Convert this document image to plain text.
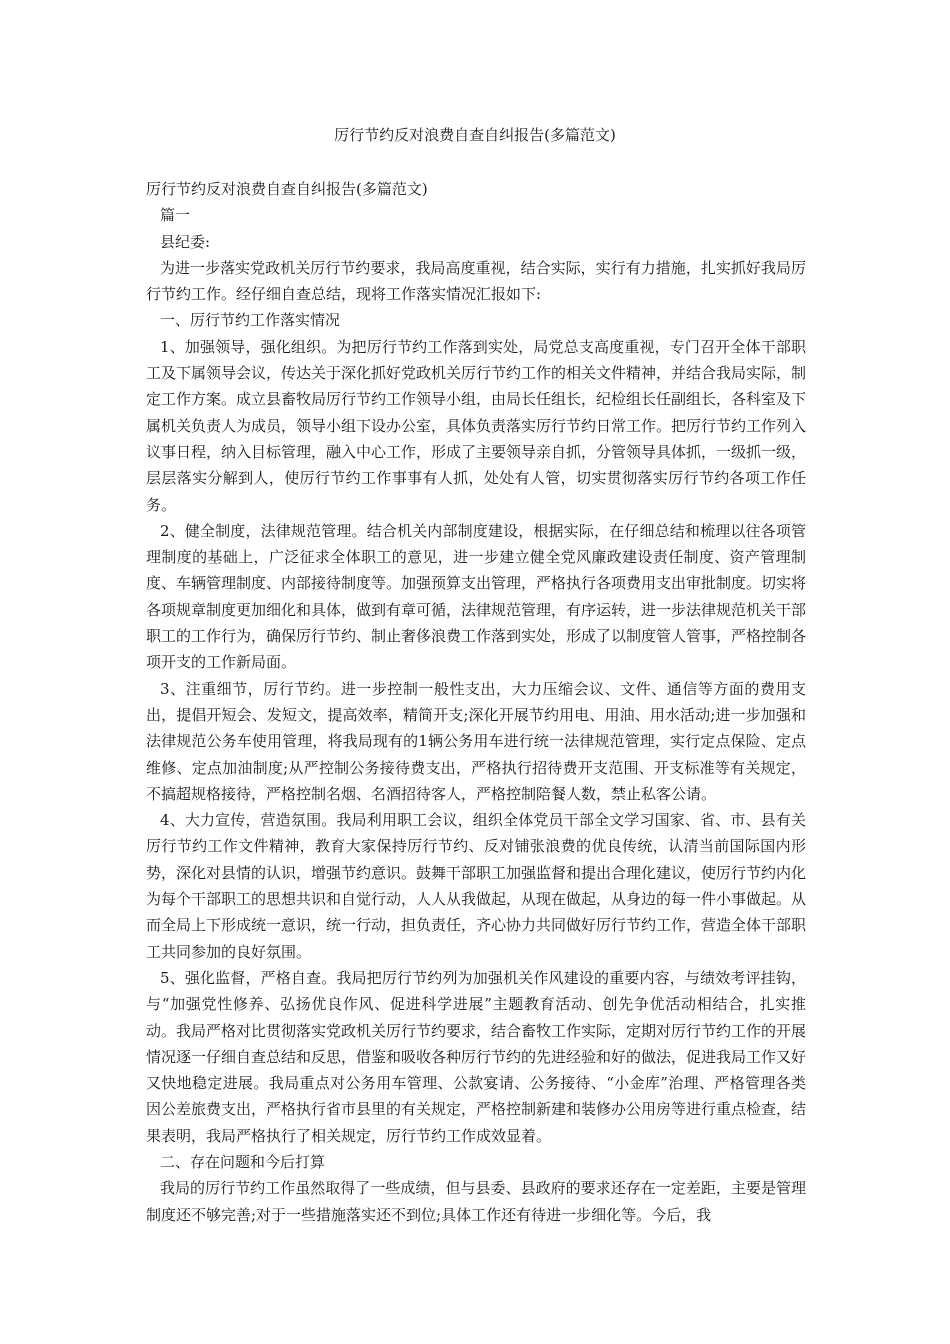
厉行节约反对浪费自查自纠报告(多篇范文)

厉行节约反对浪费自查自纠报告(多篇范文)

篇一

县纪委:

为进一步落实党政机关厉行节约要求，我局高度重视，结合实际，实行有力措施，扎实抓好我局厉行节约工作。经仔细自查总结，现将工作落实情况汇报如下:

一、厉行节约工作落实情况

1、加强领导，强化组织。为把厉行节约工作落到实处，局党总支高度重视，专门召开全体干部职工及下属领导会议，传达关于深化抓好党政机关厉行节约工作的相关文件精神，并结合我局实际，制定工作方案。成立县畜牧局厉行节约工作领导小组，由局长任组长，纪检组长任副组长，各科室及下属机关负责人为成员，领导小组下设办公室，具体负责落实厉行节约日常工作。把厉行节约工作列入议事日程，纳入目标管理，融入中心工作，形成了主要领导亲自抓，分管领导具体抓，一级抓一级，层层落实分解到人，使厉行节约工作事事有人抓，处处有人管，切实贯彻落实厉行节约各项工作任务。

2、健全制度，法律规范管理。结合机关内部制度建设，根据实际，在仔细总结和梳理以往各项管理制度的基础上，广泛征求全体职工的意见，进一步建立健全党风廉政建设责任制度、资产管理制度、车辆管理制度、内部接待制度等。加强预算支出管理，严格执行各项费用支出审批制度。切实将各项规章制度更加细化和具体，做到有章可循，法律规范管理，有序运转，进一步法律规范机关干部职工的工作行为，确保厉行节约、制止奢侈浪费工作落到实处，形成了以制度管人管事，严格控制各项开支的工作新局面。

3、注重细节，厉行节约。进一步控制一般性支出，大力压缩会议、文件、通信等方面的费用支出，提倡开短会、发短文，提高效率，精简开支;深化开展节约用电、用油、用水活动;进一步加强和法律规范公务车使用管理，将我局现有的1辆公务用车进行统一法律规范管理，实行定点保险、定点维修、定点加油制度;从严控制公务接待费支出，严格执行招待费开支范围、开支标准等有关规定，不搞超规格接待，严格控制名烟、名酒招待客人，严格控制陪餐人数，禁止私客公请。

4、大力宣传，营造氛围。我局利用职工会议，组织全体党员干部全文学习国家、省、市、县有关厉行节约工作文件精神，教育大家保持厉行节约、反对铺张浪费的优良传统，认清当前国际国内形势，深化对县情的认识，增强节约意识。鼓舞干部职工加强监督和提出合理化建议，使厉行节约内化为每个干部职工的思想共识和自觉行动，人人从我做起，从现在做起，从身边的每一件小事做起。从而全局上下形成统一意识，统一行动，担负责任，齐心协力共同做好厉行节约工作，营造全体干部职工共同参加的良好氛围。

5、强化监督，严格自查。我局把厉行节约列为加强机关作风建设的重要内容，与绩效考评挂钩，与“加强党性修养、弘扬优良作风、促进科学进展”主题教育活动、创先争优活动相结合，扎实推动。我局严格对比贯彻落实党政机关厉行节约要求，结合畜牧工作实际，定期对厉行节约工作的开展情况逐一仔细自查总结和反思，借鉴和吸收各种厉行节约的先进经验和好的做法，促进我局工作又好又快地稳定进展。我局重点对公务用车管理、公款宴请、公务接待、“小金库”治理、严格管理各类因公差旅费支出，严格执行省市县里的有关规定，严格控制新建和装修办公用房等进行重点检查，结果表明，我局严格执行了相关规定，厉行节约工作成效显着。

二、存在问题和今后打算

我局的厉行节约工作虽然取得了一些成绩，但与县委、县政府的要求还存在一定差距，主要是管理制度还不够完善;对于一些措施落实还不到位;具体工作还有待进一步细化等。今后，我
